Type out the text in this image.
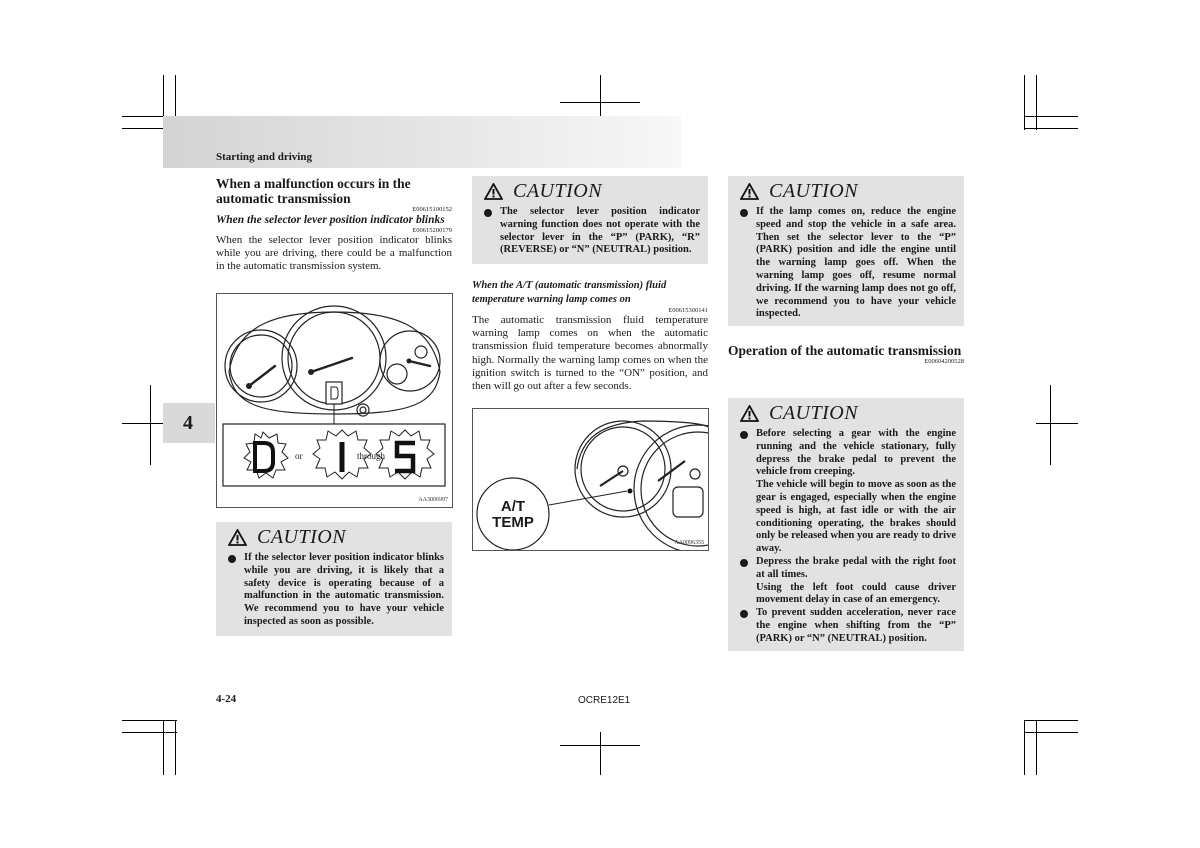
Starting and driving
4
When a malfunction occurs in the automatic transmission
E00615100152
When the selector lever position indicator blinks
E00615200179
When the selector lever position indicator blinks while you are driving, there could be a malfunction in the automatic transmission system.
or	through
AA3006997
CAUTION
If the selector lever position indicator blinks while you are driving, it is likely that a safety device is operating because of a malfunction in the automatic transmission. We recommend you to have your vehicle inspected as soon as possible.
CAUTION
The selector lever position indicator warning function does not operate with the selector lever in the “P” (PARK), “R” (REVERSE) or “N” (NEUTRAL) position.
When the A/T (automatic transmission) fluid temperature warning lamp comes on
E00615300141
The automatic transmission fluid temperature warning lamp comes on when the automatic transmission fluid temperature becomes abnormally high. Normally the warning lamp comes on when the ignition switch is turned to the “ON” position, and then will go out after a few seconds.
A/T
TEMP
AA0096355
CAUTION
If the lamp comes on, reduce the engine speed and stop the vehicle in a safe area. Then set the selector lever to the “P” (PARK) position and idle the engine until the warning lamp goes off. When the warning lamp goes off, resume normal driving. If the warning lamp does not go off, we recommend you to have your vehicle inspected.
Operation of the automatic transmission
E00604200528
CAUTION

Before selecting a gear with the engine running and the vehicle stationary, fully depress the brake pedal to prevent the vehicle from creeping.

The vehicle will begin to move as soon as the gear is engaged, especially when the engine speed is high, at fast idle or with the air conditioning operating, the brakes should only be released when you are ready to drive away.

Depress the brake pedal with the right foot at all times.

Using the left foot could cause driver movement delay in case of an emergency.

To prevent sudden acceleration, never race the engine when shifting from the “P” (PARK) or “N” (NEUTRAL) position.

4-24	OCRE12E1
